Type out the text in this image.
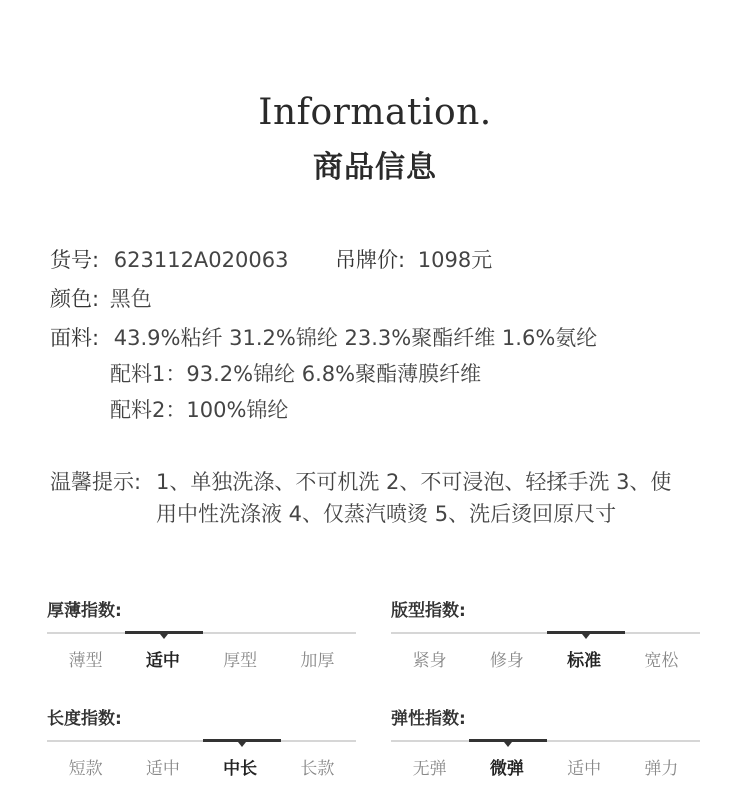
Information.
商品信息
货号: 623112A020063 吊牌价: 1098元
颜色: 黑色
面料: 43.9%粘纤 31.2%锦纶 23.3%聚酯纤维 1.6%氨纶
配料1：93.2%锦纶 6.8%聚酯薄膜纤维
配料2：100%锦纶
温馨提示: 1、单独洗涤、不可机洗 2、不可浸泡、轻揉手洗 3、使
用中性洗涤液 4、仅蒸汽喷烫 5、洗后烫回原尺寸
厚薄指数:
薄型	适中	厚型	加厚
版型指数:
紧身	修身	标准	宽松
长度指数:
短款	适中	中长	长款
弹性指数:
无弹	微弹	适中	弹力
